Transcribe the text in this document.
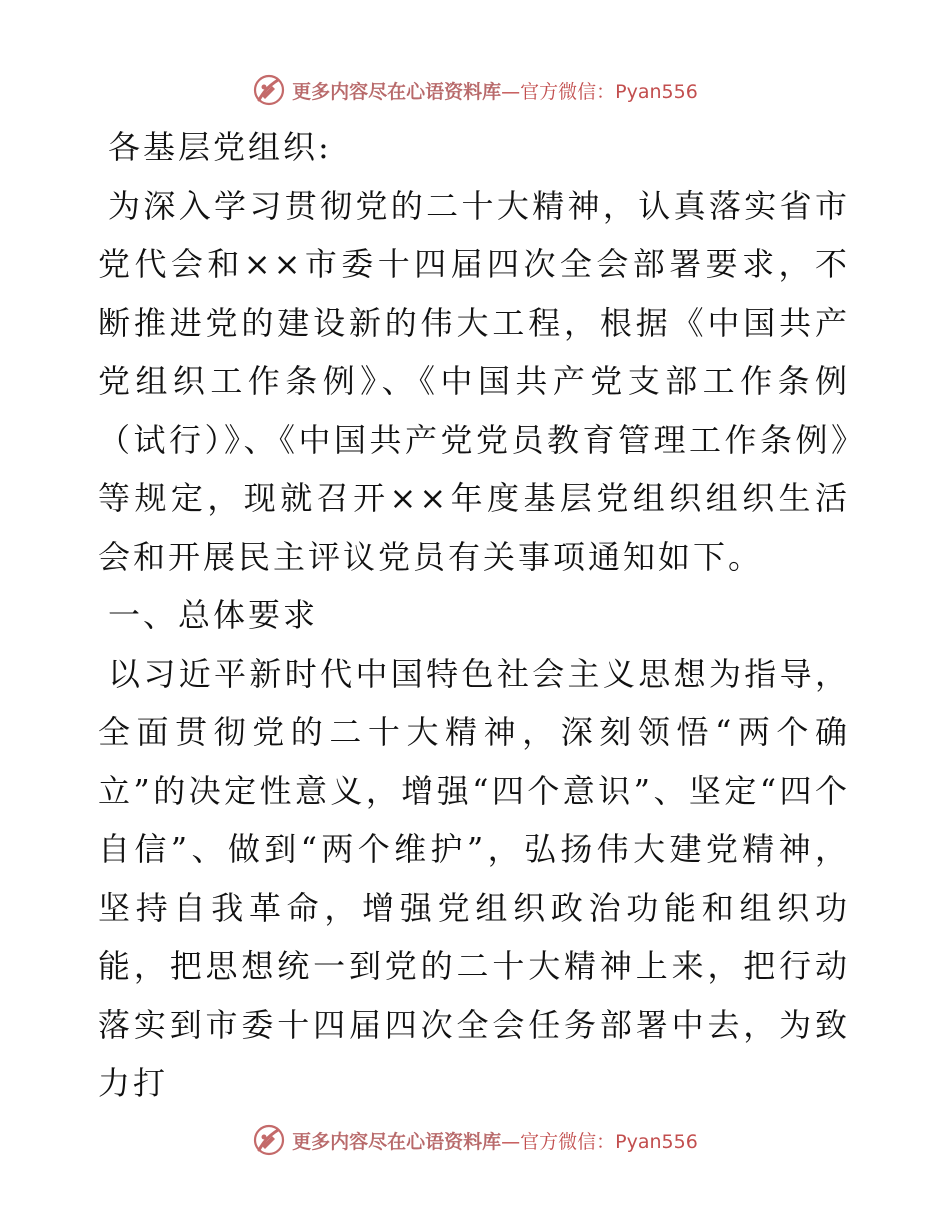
更多内容尽在心语资料库 —官方微信：Pyan556

各基层党组织:

为深入学习贯彻党的二十大精神，认真落实省市党代会和××市委十四届四次全会部署要求，不断推进党的建设新的伟大工程，根据《中国共产党组织工作条例》、《中国共产党支部工作条例（试行）》、《中国共产党党员教育管理工作条例》等规定，现就召开××年度基层党组织组织生活会和开展民主评议党员有关事项通知如下。

一、总体要求

以习近平新时代中国特色社会主义思想为指导，全面贯彻党的二十大精神，深刻领悟“两个确立”的决定性意义，增强“四个意识”、坚定“四个自信”、做到“两个维护”，弘扬伟大建党精神，坚持自我革命，增强党组织政治功能和组织功能，把思想统一到党的二十大精神上来，把行动落实到市委十四届四次全会任务部署中去，为致力打

更多内容尽在心语资料库 —官方微信：Pyan556
